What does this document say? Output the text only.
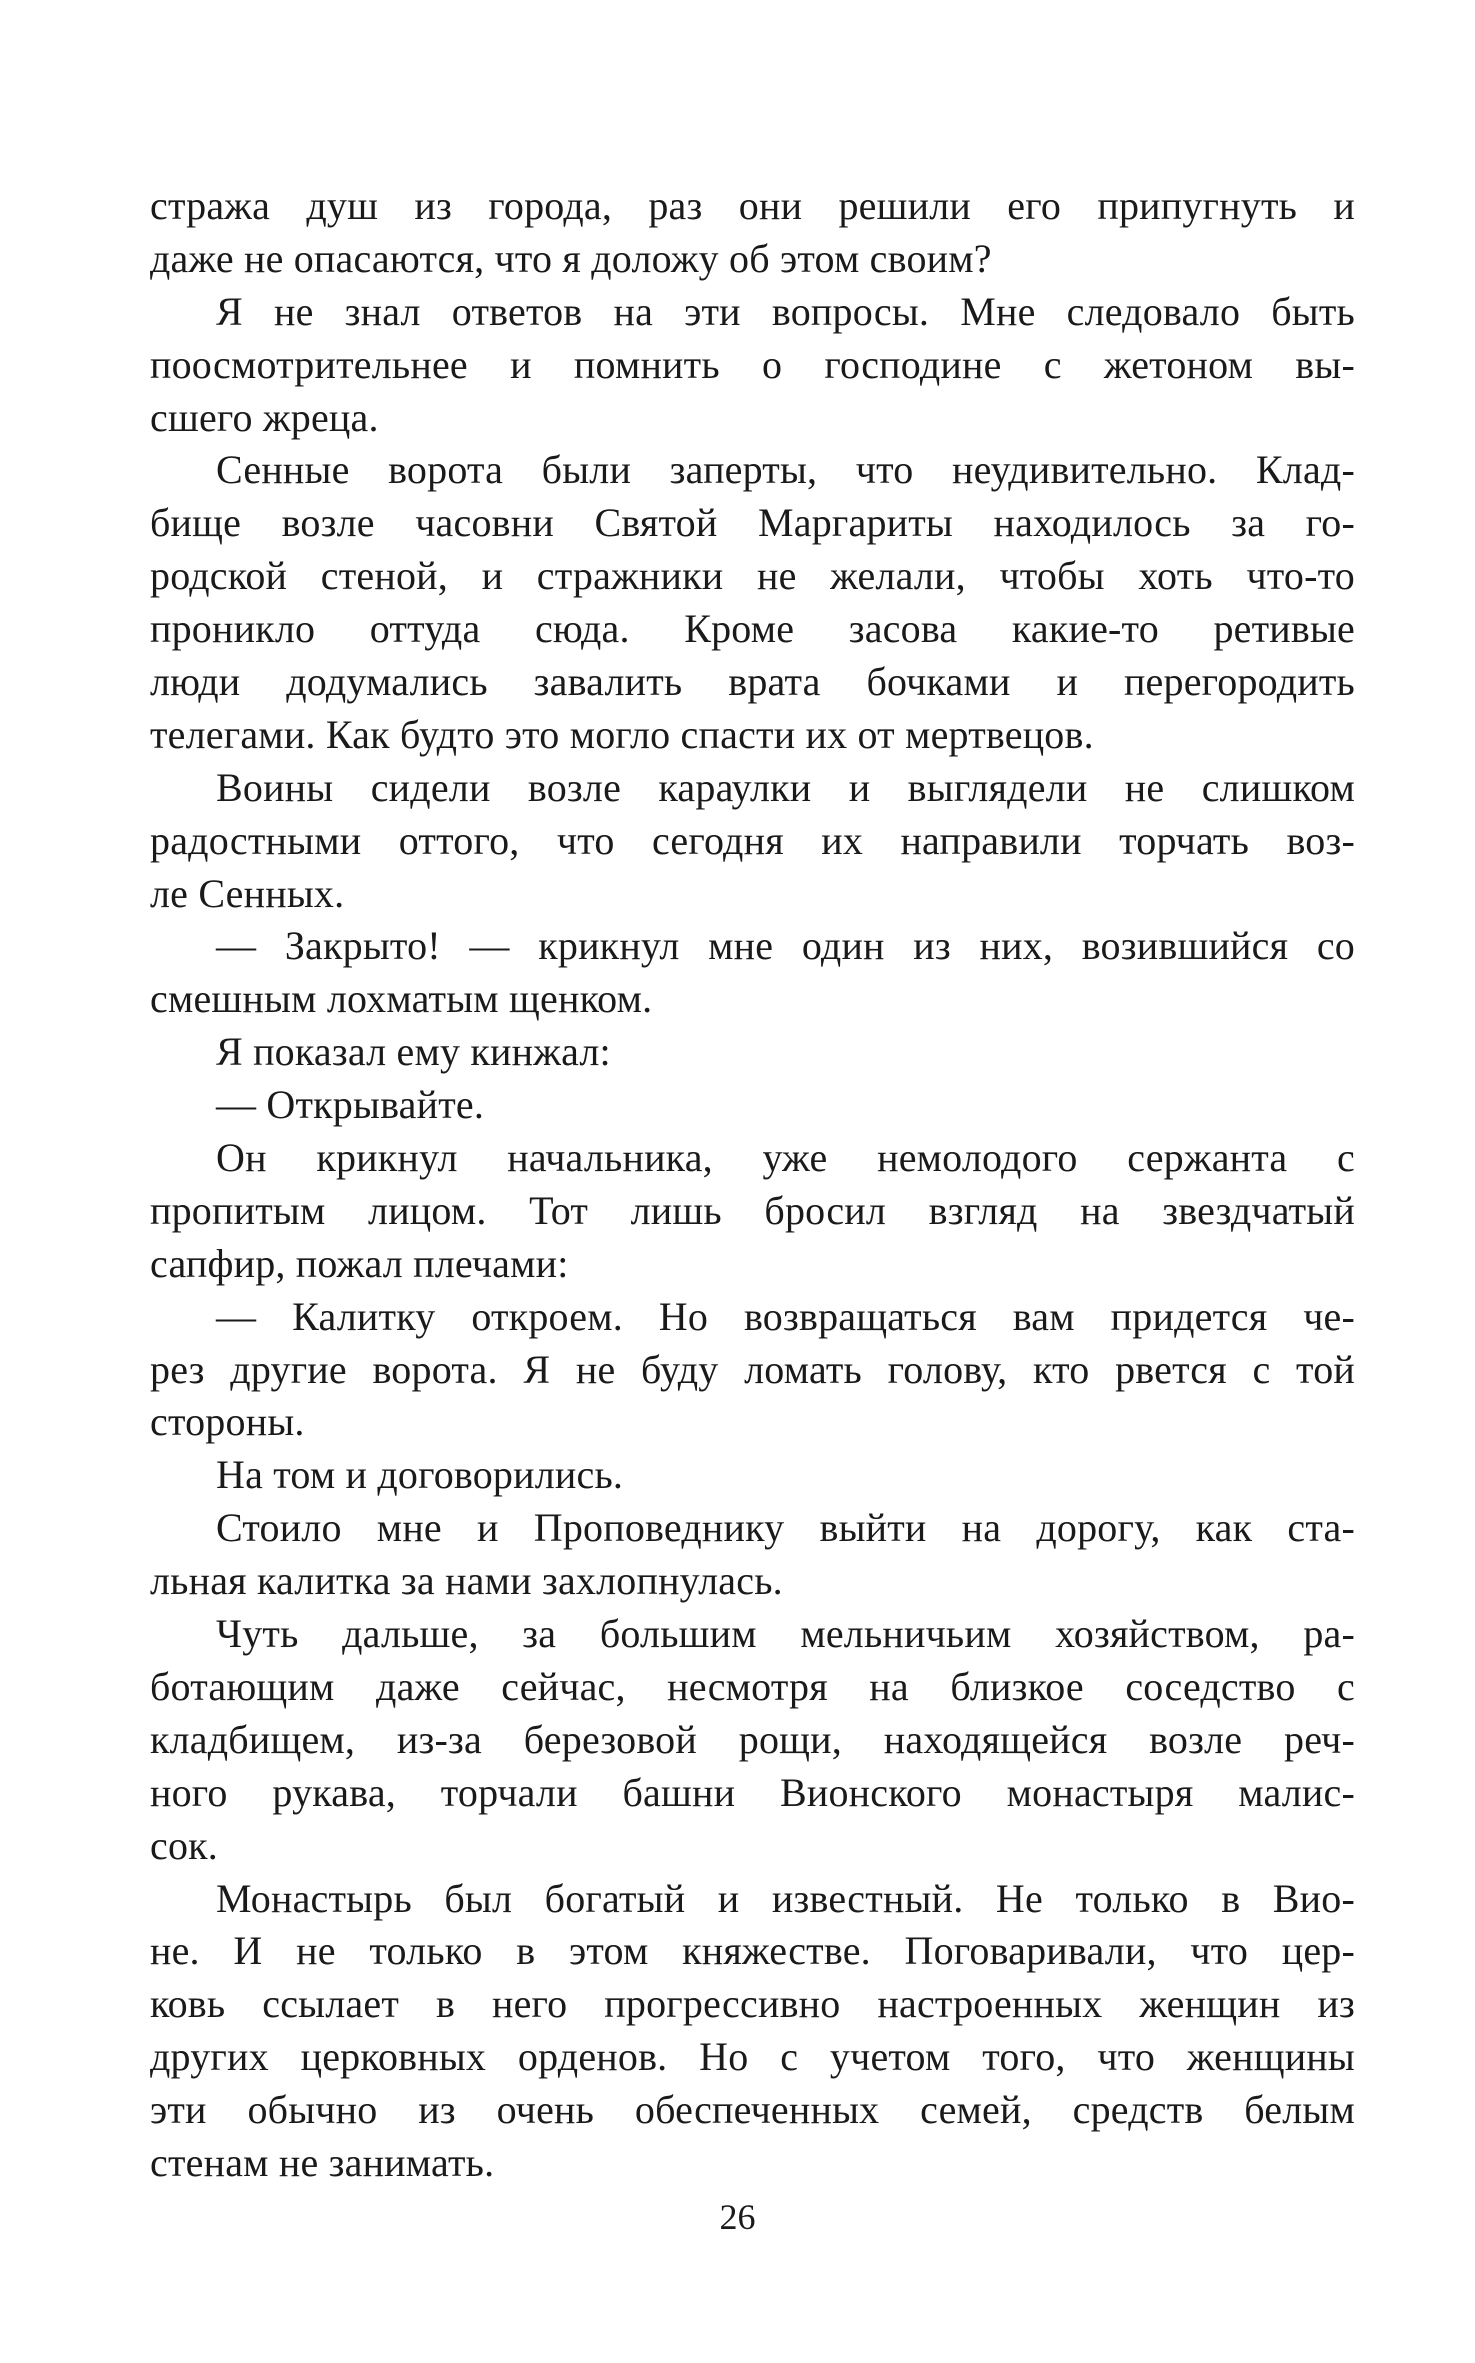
стража душ из города, раз они решили его припугнуть и
даже не опасаются, что я доложу об этом своим?
Я не знал ответов на эти вопросы. Мне следовало быть
поосмотрительнее и помнить о господине с жетоном вы-
сшего жреца.
Сенные ворота были заперты, что неудивительно. Клад-
бище возле часовни Святой Маргариты находилось за го-
родской стеной, и стражники не желали, чтобы хоть что-то
проникло оттуда сюда. Кроме засова какие-то ретивые
люди додумались завалить врата бочками и перегородить
телегами. Как будто это могло спасти их от мертвецов.
Воины сидели возле караулки и выглядели не слишком
радостными оттого, что сегодня их направили торчать воз-
ле Сенных.
— Закрыто! — крикнул мне один из них, возившийся со
смешным лохматым щенком.
Я показал ему кинжал:
— Открывайте.
Он крикнул начальника, уже немолодого сержанта с
пропитым лицом. Тот лишь бросил взгляд на звездчатый
сапфир, пожал плечами:
— Калитку откроем. Но возвращаться вам придется че-
рез другие ворота. Я не буду ломать голову, кто рвется с той
стороны.
На том и договорились.
Стоило мне и Проповеднику выйти на дорогу, как ста-
льная калитка за нами захлопнулась.
Чуть дальше, за большим мельничьим хозяйством, ра-
ботающим даже сейчас, несмотря на близкое соседство с
кладбищем, из-за березовой рощи, находящейся возле реч-
ного рукава, торчали башни Вионского монастыря малис-
сок.
Монастырь был богатый и известный. Не только в Вио-
не. И не только в этом княжестве. Поговаривали, что цер-
ковь ссылает в него прогрессивно настроенных женщин из
других церковных орденов. Но с учетом того, что женщины
эти обычно из очень обеспеченных семей, средств белым
стенам не занимать.
26
